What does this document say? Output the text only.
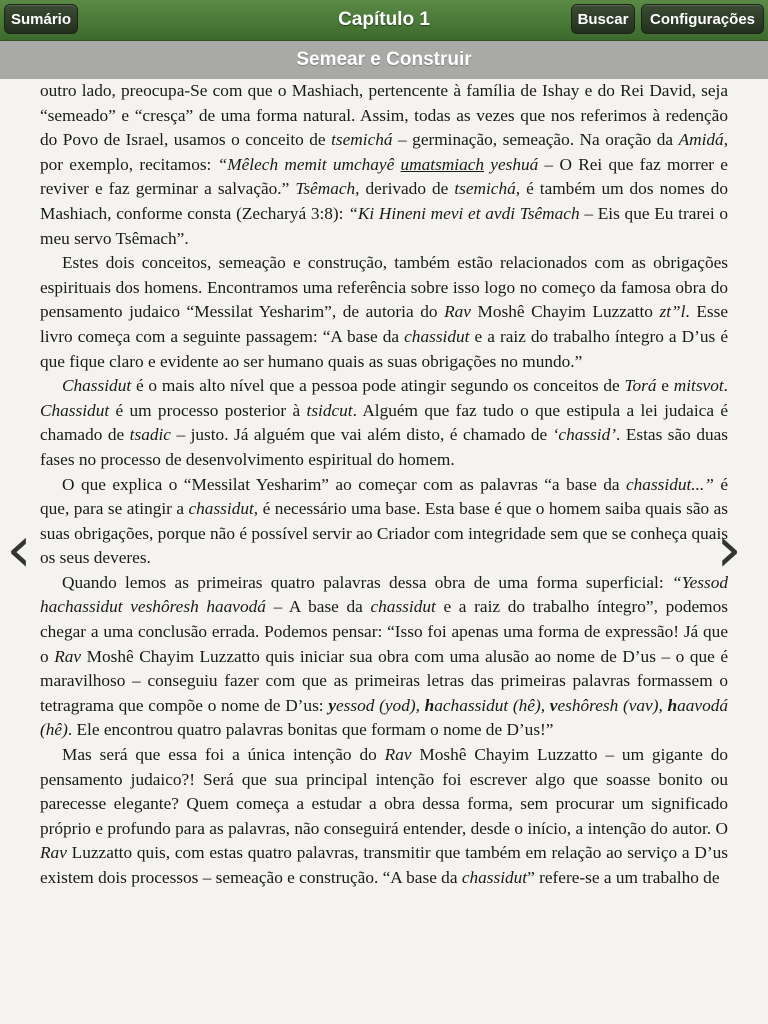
Capítulo 1
Sumário	Buscar	Configurações
Semear e Construir

outro lado, preocupa-Se com que o Mashiach, pertencente à família de Ishay e do Rei David, seja “semeado” e “cresça” de uma forma natural. Assim, todas as vezes que nos referimos à redenção do Povo de Israel, usamos o conceito de tsemichá – germinação, semeação. Na oração da Amidá, por exemplo, recitamos: “Mêlech memit umchayê umatsmiach yeshuá – O Rei que faz morrer e reviver e faz germinar a salvação.” Tsêmach, derivado de tsemichá, é também um dos nomes do Mashiach, conforme consta (Zecharyá 3:8): “Ki Hineni mevi et avdi Tsêmach – Eis que Eu trarei o meu servo Tsêmach”.

Estes dois conceitos, semeação e construção, também estão relacionados com as obrigações espirituais dos homens. Encontramos uma referência sobre isso logo no começo da famosa obra do pensamento judaico “Messilat Yesharim”, de autoria do Rav Moshê Chayim Luzzatto zt”l. Esse livro começa com a seguinte passagem: “A base da chassidut e a raiz do trabalho íntegro a D’us é que fique claro e evidente ao ser humano quais as suas obrigações no mundo.”

Chassidut é o mais alto nível que a pessoa pode atingir segundo os conceitos de Torá e mitsvot. Chassidut é um processo posterior à tsidcut. Alguém que faz tudo o que estipula a lei judaica é chamado de tsadic – justo. Já alguém que vai além disto, é chamado de ‘chassid’. Estas são duas fases no processo de desenvolvimento espiritual do homem.

O que explica o “Messilat Yesharim” ao começar com as palavras “a base da chassidut...” é que, para se atingir a chassidut, é necessário uma base. Esta base é que o homem saiba quais são as suas obrigações, porque não é possível servir ao Criador com integridade sem que se conheça quais os seus deveres.

Quando lemos as primeiras quatro palavras dessa obra de uma forma superficial: “Yessod hachassidut veshôresh haavodá – A base da chassidut e a raiz do trabalho íntegro”, podemos chegar a uma conclusão errada. Podemos pensar: “Isso foi apenas uma forma de expressão! Já que o Rav Moshê Chayim Luzzatto quis iniciar sua obra com uma alusão ao nome de D’us – o que é maravilhoso – conseguiu fazer com que as primeiras letras das primeiras palavras formassem o tetragrama que compõe o nome de D’us: yessod (yod), hachassidut (hê), veshôresh (vav), haavodá (hê). Ele encontrou quatro palavras bonitas que formam o nome de D’us!”

Mas será que essa foi a única intenção do Rav Moshê Chayim Luzzatto – um gigante do pensamento judaico?! Será que sua principal intenção foi escrever algo que soasse bonito ou parecesse elegante? Quem começa a estudar a obra dessa forma, sem procurar um significado próprio e profundo para as palavras, não conseguirá entender, desde o início, a intenção do autor. O Rav Luzzatto quis, com estas quatro palavras, transmitir que também em relação ao serviço a D’us existem dois processos – semeação e construção. “A base da chassidut” refere-se a um trabalho de

‹	›
